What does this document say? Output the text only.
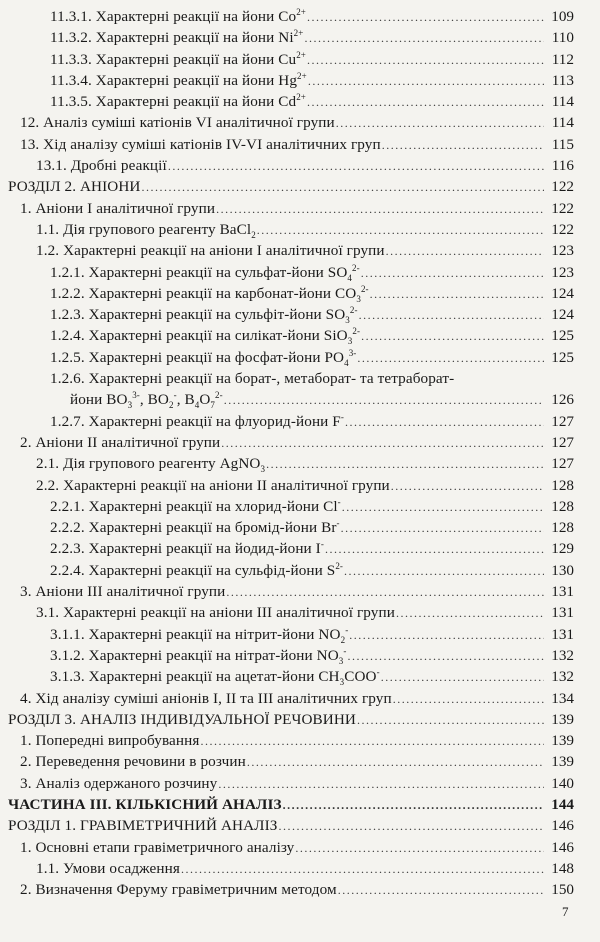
11.3.1. Характерні реакції на йони $Co^{2+}$ .....	109
11.3.2. Характерні реакції на йони $Ni^{2+}$ .....	110
11.3.3. Характерні реакції на йони $Cu^{2+}$ .....	112
11.3.4. Характерні реакції на йони $Hg^{2+}$ .....	113
11.3.5. Характерні реакції на йони $Cd^{2+}$ .....	114
12. Аналіз суміші катіонів VI аналітичної групи .....	114
13. Хід аналізу суміші катіонів IV-VI аналітичних груп .....	115
13.1. Дробні реакції .....	116
РОЗДІЛ 2. АНІОНИ .....	122
1. Аніони І аналітичної групи .....	122
1.1. Дія групового реагенту BaCl$_2$ .....	122
1.2. Характерні реакції на аніони І аналітичної групи .....	123
1.2.1. Характерні реакції на сульфат-йони $SO_4^{2-}$ .....	123
1.2.2. Характерні реакції на карбонат-йони $CO_3^{2-}$ .....	124
1.2.3. Характерні реакції на сульфіт-йони $SO_3^{2-}$ .....	124
1.2.4. Характерні реакції на силікат-йони SiO$_3^{2-}$ .....	125
1.2.5. Характерні реакції на фосфат-йони $PO_4^{3-}$ .....	125
1.2.6. Характерні реакції на борат-, метаборат- та тетраборат-
йони $BO_3^{3-}$, $BO_2^-$, $B_4O_7^{2-}$ .....	126
1.2.7. Характерні реакції на флуорид-йони F- .....	127
2. Аніони ІІ аналітичної групи .....	127
2.1. Дія групового реагенту AgNO$_3$ .....	127
2.2. Характерні реакції на аніони ІІ аналітичної групи .....	128
2.2.1. Характерні реакції на хлорид-йони Cl- .....	128
2.2.2. Характерні реакції на бромід-йони Br- .....	128
2.2.3. Характерні реакції на йодид-йони I- .....	129
2.2.4. Характерні реакції на сульфід-йони $S^{2-}$ .....	130
3. Аніони ІІІ аналітичної групи .....	131
3.1. Характерні реакції на аніони ІІІ аналітичної групи .....	131
3.1.1. Характерні реакції на нітрит-йони $NO_2^-$ .....	131
3.1.2. Характерні реакції на нітрат-йони $NO_3^-$ .....	132
3.1.3. Характерні реакції на ацетат-йони $CH_3COO^-$ .....	132
4. Хід аналізу суміші аніонів І, ІІ та ІІІ аналітичних груп .....	134
РОЗДІЛ 3. АНАЛІЗ ІНДИВІДУАЛЬНОЇ РЕЧОВИНИ .....	139
1. Попередні випробування .....	139
2. Переведення речовини в розчин .....	139
3. Аналіз одержаного розчину .....	140
ЧАСТИНА ІІІ. КІЛЬКІСНИЙ АНАЛІЗ .....	144
РОЗДІЛ 1. ГРАВІМЕТРИЧНИЙ АНАЛІЗ .....	146
1. Основні етапи гравіметричного аналізу .....	146
1.1. Умови осадження .....	148
2. Визначення Феруму гравіметричним методом .....	150
7
